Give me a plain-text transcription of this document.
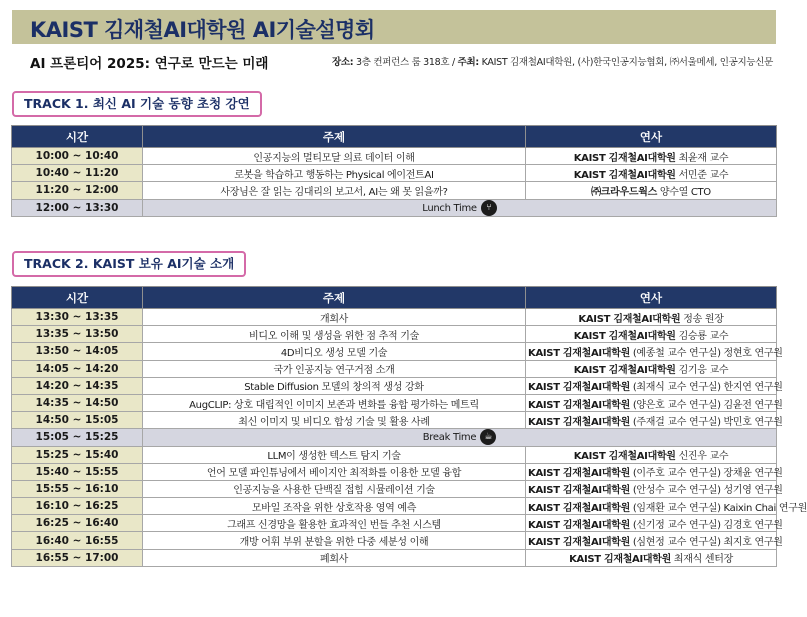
KAIST 김재철AI대학원 AI기술설명회
AI 프론티어 2025: 연구로 만드는 미래	장소: 3층 컨퍼런스 룸 318호 / 주최: KAIST 김재철AI대학원, (사)한국인공지능협회, ㈜서울메세, 인공지능신문
TRACK 1. 최신 AI 기술 동향 초청 강연
시간	주제	연사
10:00 ~ 10:40	인공지능의 멀티모달 의료 데이터 이해	KAIST 김재철AI대학원 최윤재 교수
10:40 ~ 11:20	로봇을 학습하고 행동하는 Physical 에이전트AI	KAIST 김재철AI대학원 서민준 교수
11:20 ~ 12:00	사장님은 잘 읽는 김대리의 보고서, AI는 왜 못 읽을까?	㈜크라우드웍스 양수열 CTO
12:00 ~ 13:30	Lunch Time ⑂	
TRACK 2. KAIST 보유 AI기술 소개
시간	주제	연사
13:30 ~ 13:35	개회사	KAIST 김재철AI대학원 정송 원장
13:35 ~ 13:50	비디오 이해 및 생성을 위한 점 추적 기술	KAIST 김재철AI대학원 김승룡 교수
13:50 ~ 14:05	4D비디오 생성 모델 기술	KAIST 김재철AI대학원 (예종철 교수 연구실) 정현호 연구원
14:05 ~ 14:20	국가 인공지능 연구거점 소개	KAIST 김재철AI대학원 김기응 교수
14:20 ~ 14:35	Stable Diffusion 모델의 창의적 생성 강화	KAIST 김재철AI대학원 (최재식 교수 연구실) 한지연 연구원
14:35 ~ 14:50	AugCLIP: 상호 대립적인 이미지 보존과 변화를 융합 평가하는 메트릭	KAIST 김재철AI대학원 (양은호 교수 연구실) 김윤전 연구원
14:50 ~ 15:05	최신 이미지 및 비디오 합성 기술 및 활용 사례	KAIST 김재철AI대학원 (주재걸 교수 연구실) 박민호 연구원
15:05 ~ 15:25	Break Time ☕	
15:25 ~ 15:40	LLM이 생성한 텍스트 탐지 기술	KAIST 김재철AI대학원 신진우 교수
15:40 ~ 15:55	언어 모델 파인튜닝에서 베이지안 최적화를 이용한 모델 융합	KAIST 김재철AI대학원 (이주호 교수 연구실) 장채윤 연구원
15:55 ~ 16:10	인공지능을 사용한 단백질 접힘 시뮬레이션 기술	KAIST 김재철AI대학원 (안성수 교수 연구실) 성기영 연구원
16:10 ~ 16:25	모바일 조작을 위한 상호작용 영역 예측	KAIST 김재철AI대학원 (임재환 교수 연구실) Kaixin Chai 연구원
16:25 ~ 16:40	그래프 신경망을 활용한 효과적인 번들 추천 시스템	KAIST 김재철AI대학원 (신기정 교수 연구실) 김경호 연구원
16:40 ~ 16:55	개방 어휘 부위 분할을 위한 다중 세분성 이해	KAIST 김재철AI대학원 (심현정 교수 연구실) 최지호 연구원
16:55 ~ 17:00	폐회사	KAIST 김재철AI대학원 최재식 센터장
